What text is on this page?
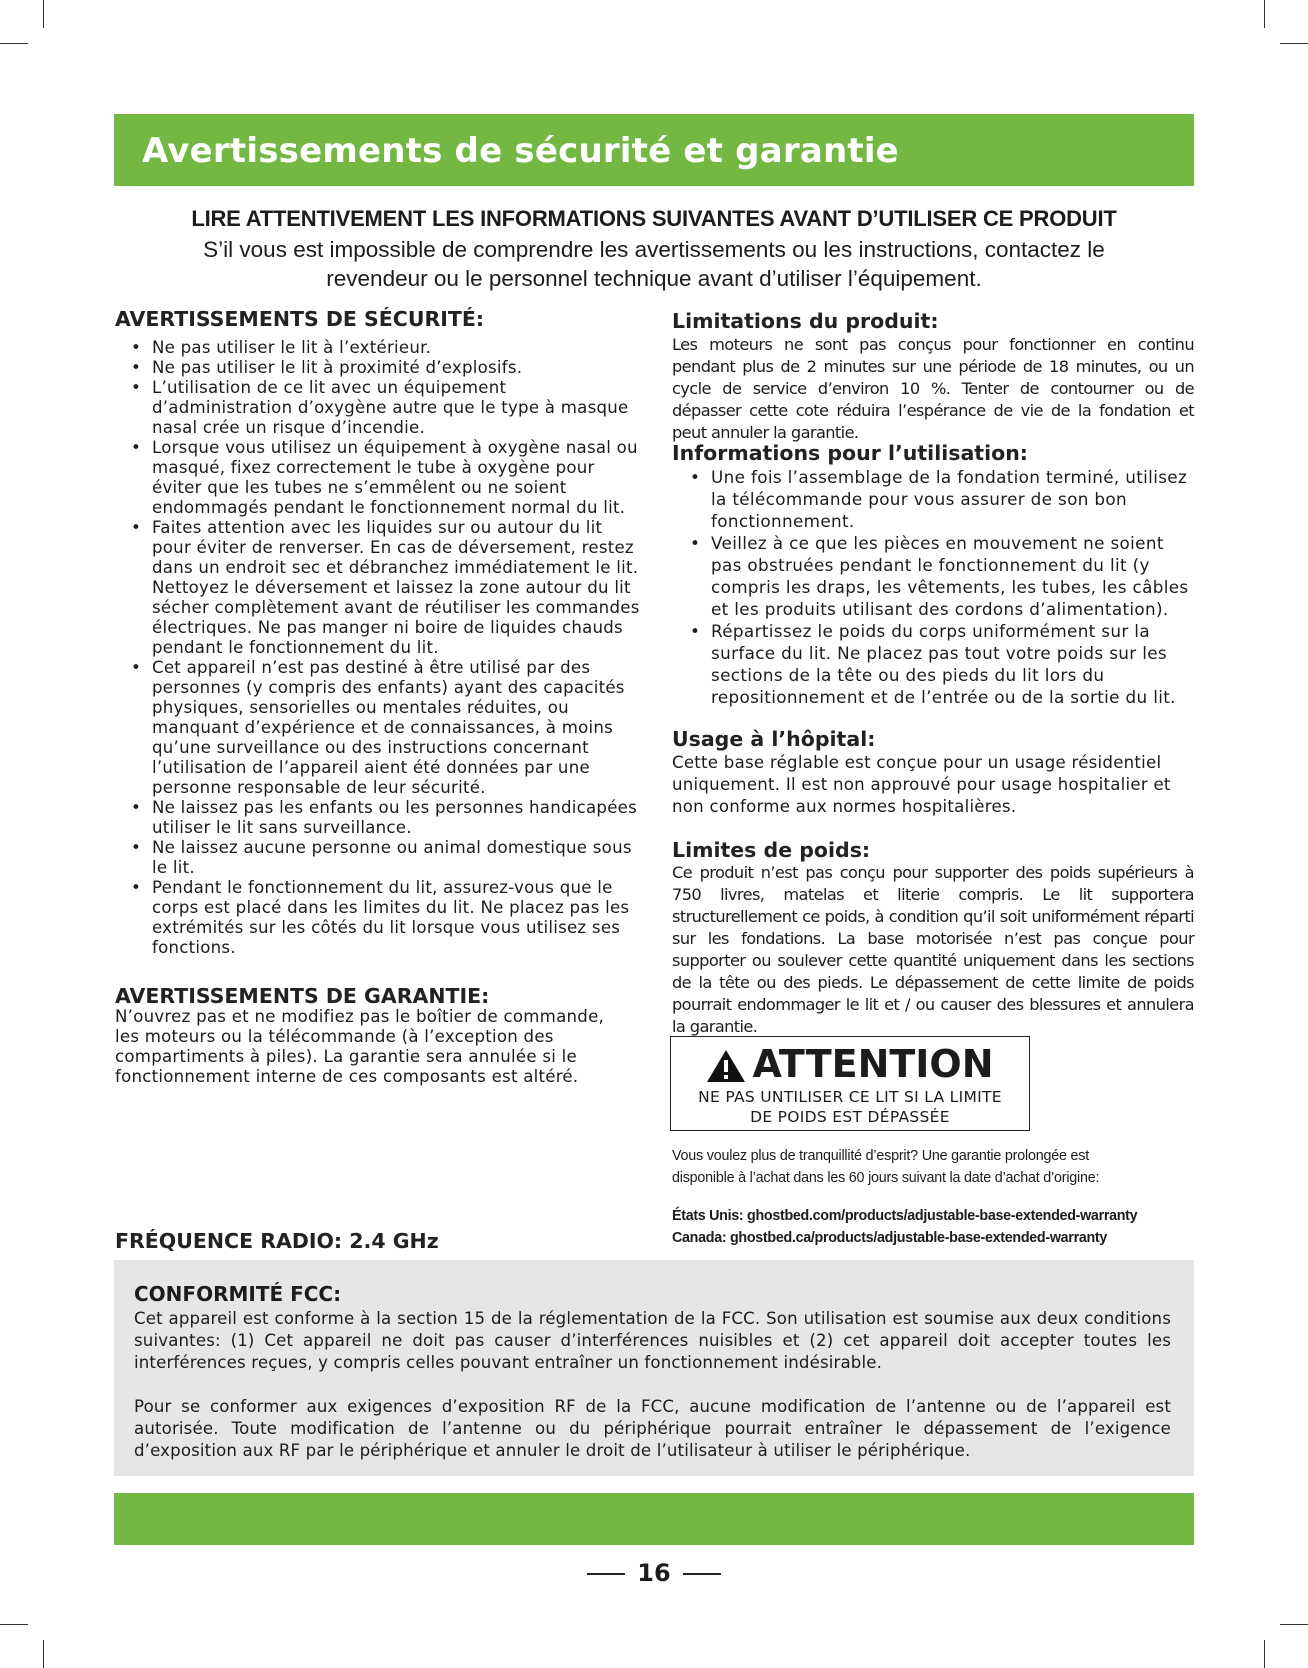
Avertissements de sécurité et garantie
LIRE ATTENTIVEMENT LES INFORMATIONS SUIVANTES AVANT D’UTILISER CE PRODUIT
S’il vous est impossible de comprendre les avertissements ou les instructions, contactez le revendeur ou le personnel technique avant d’utiliser l’équipement.
AVERTISSEMENTS DE SÉCURITÉ:
• Ne pas utiliser le lit à l’extérieur.
• Ne pas utiliser le lit à proximité d’explosifs.
• L’utilisation de ce lit avec un équipement d’administration d’oxygène autre que le type à masque nasal crée un risque d’incendie.
• Lorsque vous utilisez un équipement à oxygène nasal ou masqué, fixez correctement le tube à oxygène pour éviter que les tubes ne s’emmêlent ou ne soient endommagés pendant le fonctionnement normal du lit.
• Faites attention avec les liquides sur ou autour du lit pour éviter de renverser. En cas de déversement, restez dans un endroit sec et débranchez immédiatement le lit. Nettoyez le déversement et laissez la zone autour du lit sécher complètement avant de réutiliser les commandes électriques. Ne pas manger ni boire de liquides chauds pendant le fonctionnement du lit.
• Cet appareil n’est pas destiné à être utilisé par des personnes (y compris des enfants) ayant des capacités physiques, sensorielles ou mentales réduites, ou manquant d’expérience et de connaissances, à moins qu’une surveillance ou des instructions concernant l’utilisation de l’appareil aient été données par une personne responsable de leur sécurité.
• Ne laissez pas les enfants ou les personnes handicapées utiliser le lit sans surveillance.
• Ne laissez aucune personne ou animal domestique sous le lit.
• Pendant le fonctionnement du lit, assurez-vous que le corps est placé dans les limites du lit. Ne placez pas les extrémités sur les côtés du lit lorsque vous utilisez ses fonctions.
AVERTISSEMENTS DE GARANTIE:
N’ouvrez pas et ne modifiez pas le boîtier de commande, les moteurs ou la télécommande (à l’exception des compartiments à piles). La garantie sera annulée si le fonctionnement interne de ces composants est altéré.
FRÉQUENCE RADIO: 2.4 GHz
Limitations du produit:
Les moteurs ne sont pas conçus pour fonctionner en continu pendant plus de 2 minutes sur une période de 18 minutes, ou un cycle de service d’environ 10 %. Tenter de contourner ou de dépasser cette cote réduira l’espérance de vie de la fondation et peut annuler la garantie.
Informations pour l’utilisation:
• Une fois l’assemblage de la fondation terminé, utilisez la télécommande pour vous assurer de son bon fonctionnement.
• Veillez à ce que les pièces en mouvement ne soient pas obstruées pendant le fonctionnement du lit (y compris les draps, les vêtements, les tubes, les câbles et les produits utilisant des cordons d’alimentation).
• Répartissez le poids du corps uniformément sur la surface du lit. Ne placez pas tout votre poids sur les sections de la tête ou des pieds du lit lors du repositionnement et de l’entrée ou de la sortie du lit.
Usage à l’hôpital:
Cette base réglable est conçue pour un usage résidentiel uniquement. Il est non approuvé pour usage hospitalier et non conforme aux normes hospitalières.
Limites de poids:
Ce produit n’est pas conçu pour supporter des poids supérieurs à 750 livres, matelas et literie compris. Le lit supportera structurellement ce poids, à condition qu’il soit uniformément réparti sur les fondations. La base motorisée n’est pas conçue pour supporter ou soulever cette quantité uniquement dans les sections de la tête ou des pieds. Le dépassement de cette limite de poids pourrait endommager le lit et / ou causer des blessures et annulera la garantie.
ATTENTION
NE PAS UNTILISER CE LIT SI LA LIMITE
DE POIDS EST DÉPASSÉE
Vous voulez plus de tranquillité d’esprit? Une garantie prolongée est disponible à l’achat dans les 60 jours suivant la date d’achat d’origine:
États Unis: ghostbed.com/products/adjustable-base-extended-warranty
Canada: ghostbed.ca/products/adjustable-base-extended-warranty
CONFORMITÉ FCC:

Cet appareil est conforme à la section 15 de la réglementation de la FCC. Son utilisation est soumise aux deux conditions suivantes: (1) Cet appareil ne doit pas causer d’interférences nuisibles et (2) cet appareil doit accepter toutes les interférences reçues, y compris celles pouvant entraîner un fonctionnement indésirable.

Pour se conformer aux exigences d’exposition RF de la FCC, aucune modification de l’antenne ou de l’appareil est autorisée. Toute modification de l’antenne ou du périphérique pourrait entraîner le dépassement de l’exigence d’exposition aux RF par le périphérique et annuler le droit de l’utilisateur à utiliser le périphérique.

16
